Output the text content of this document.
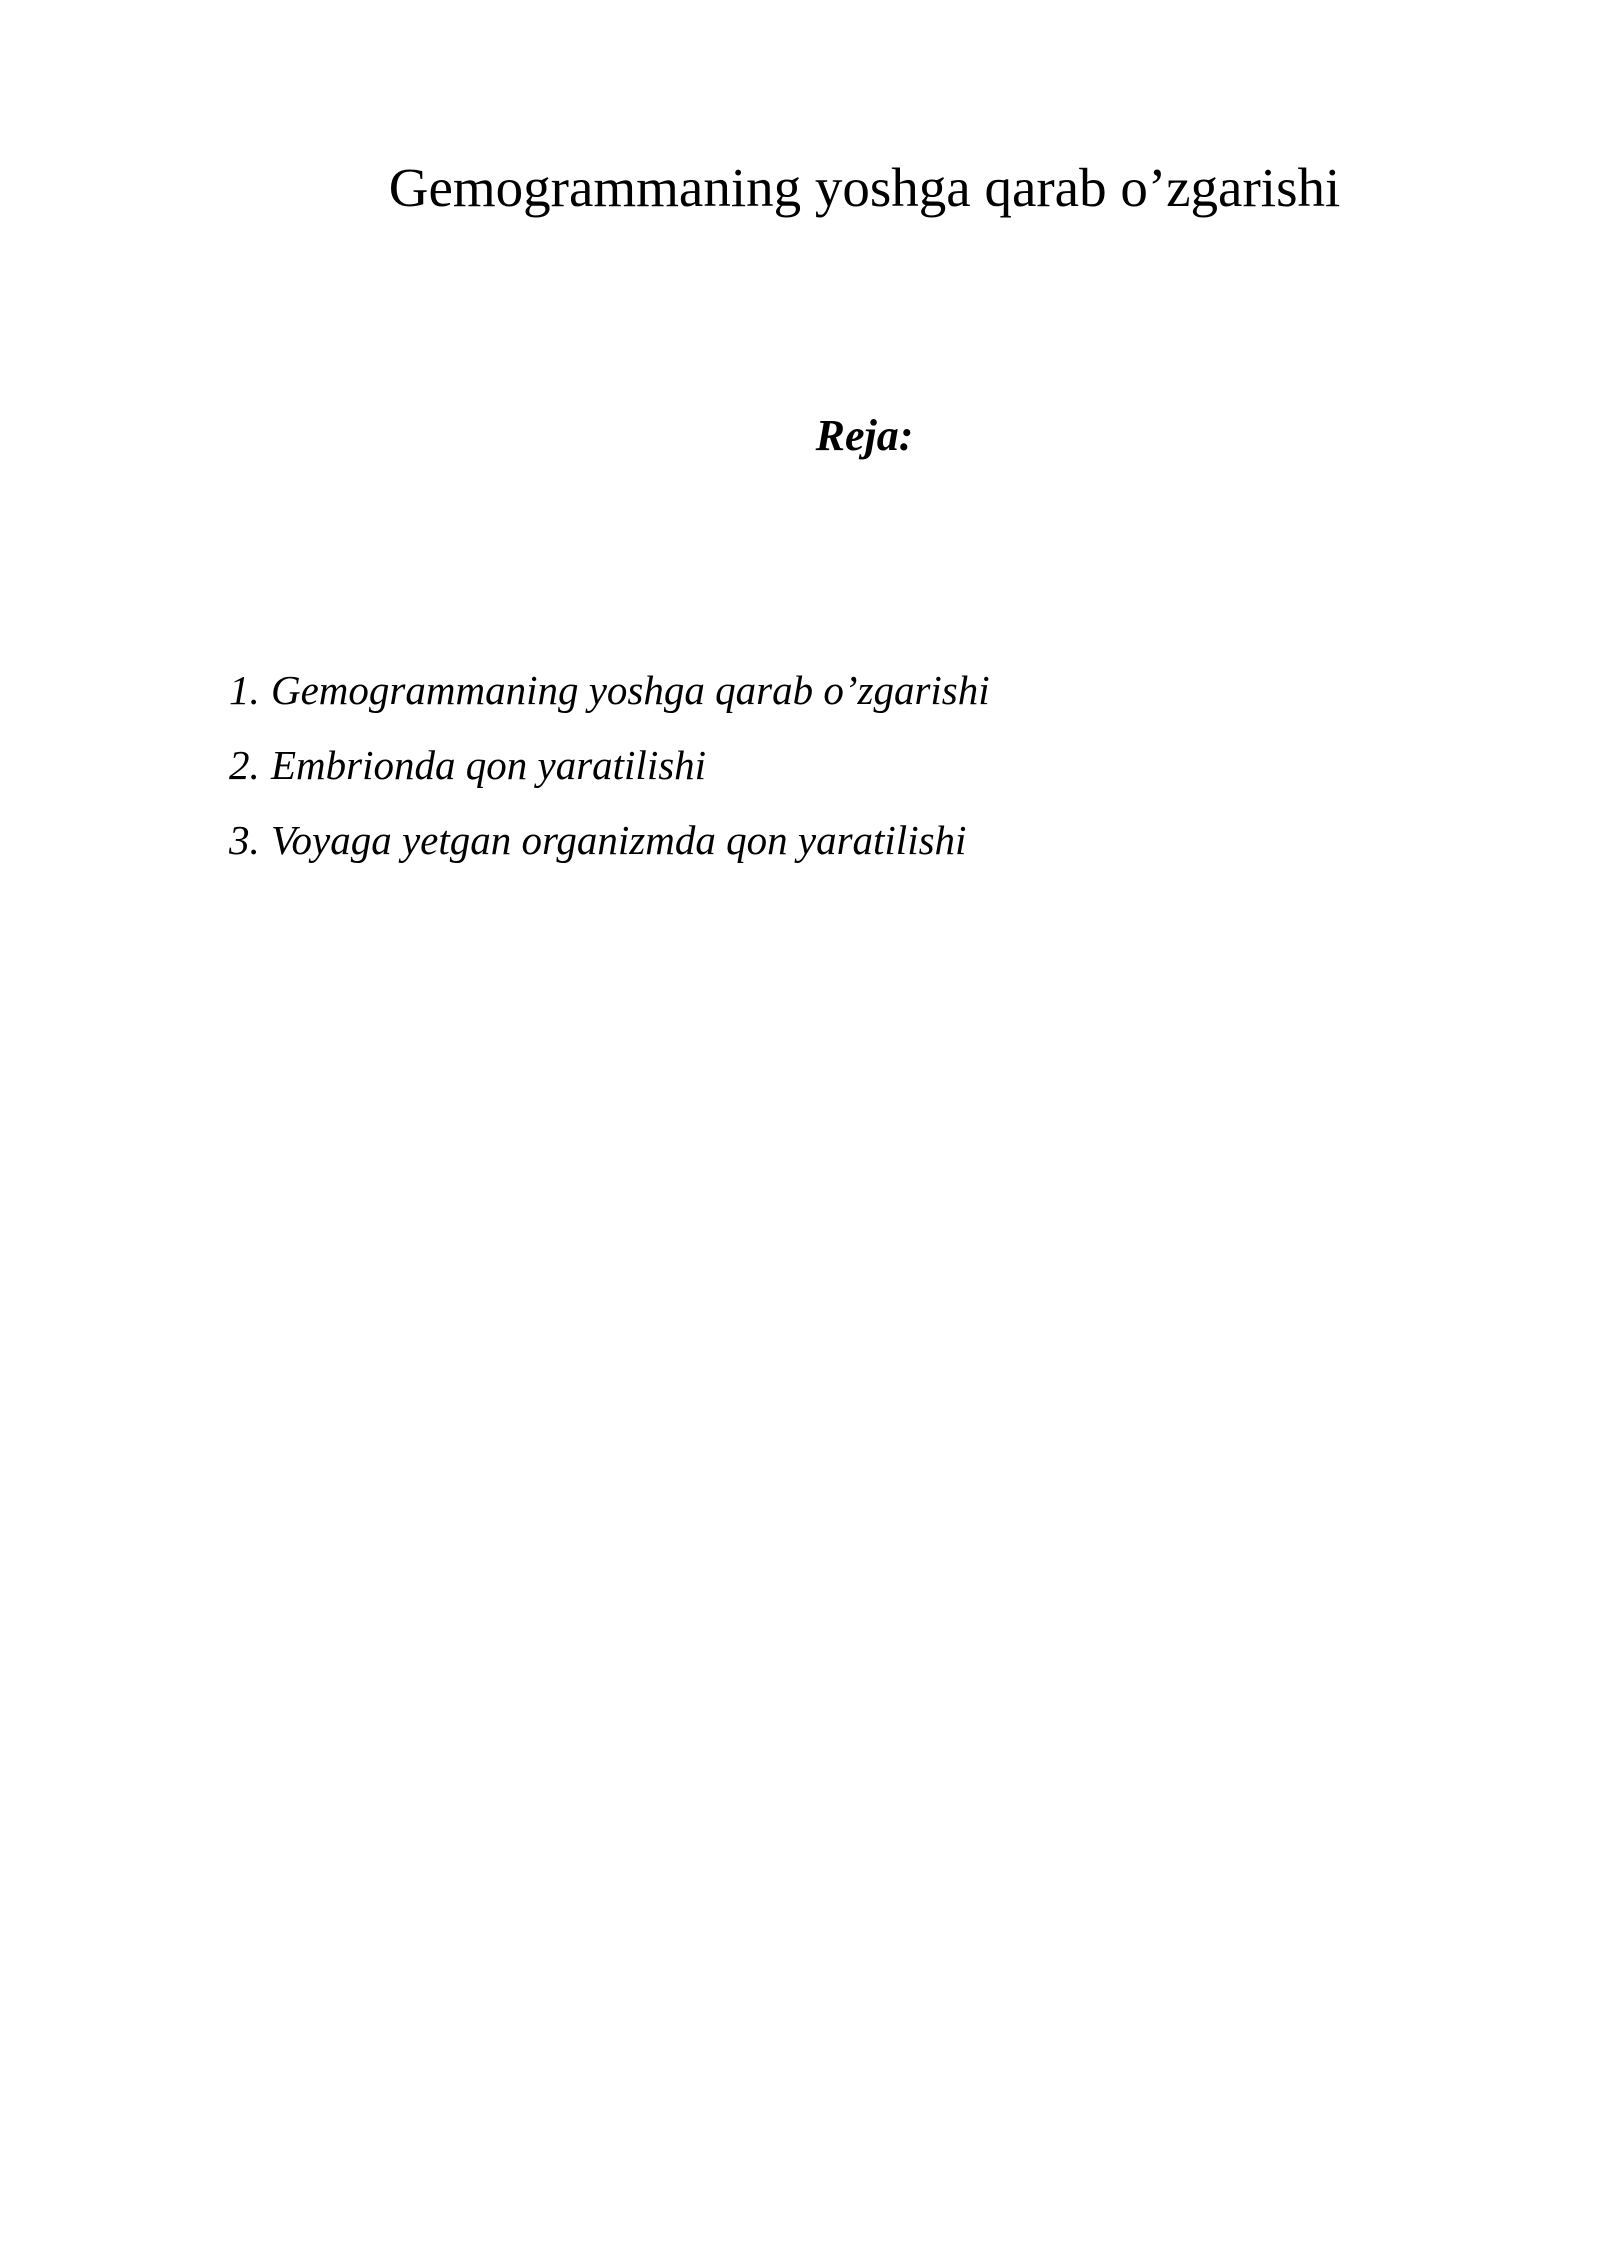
Gemogrammaning yoshga qarab o’zgarishi
Reja:
1. Gemogrammaning yoshga qarab o’zgarishi
2. Embrionda qon yaratilishi
3. Voyaga yetgan organizmda qon yaratilishi
